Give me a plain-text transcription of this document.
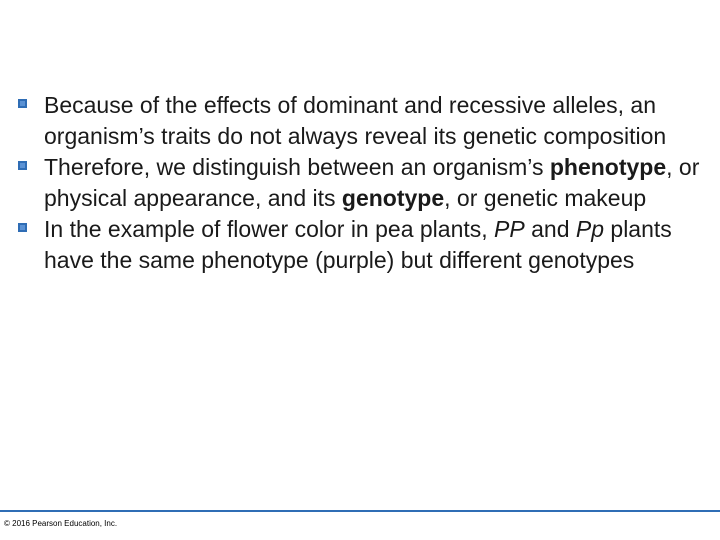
Because of the effects of dominant and recessive alleles, an organism’s traits do not always reveal its genetic composition

Therefore, we distinguish between an organism’s phenotype, or physical appearance, and its genotype, or genetic makeup

In the example of flower color in pea plants, PP and Pp plants have the same phenotype (purple) but different genotypes

© 2016 Pearson Education, Inc.
